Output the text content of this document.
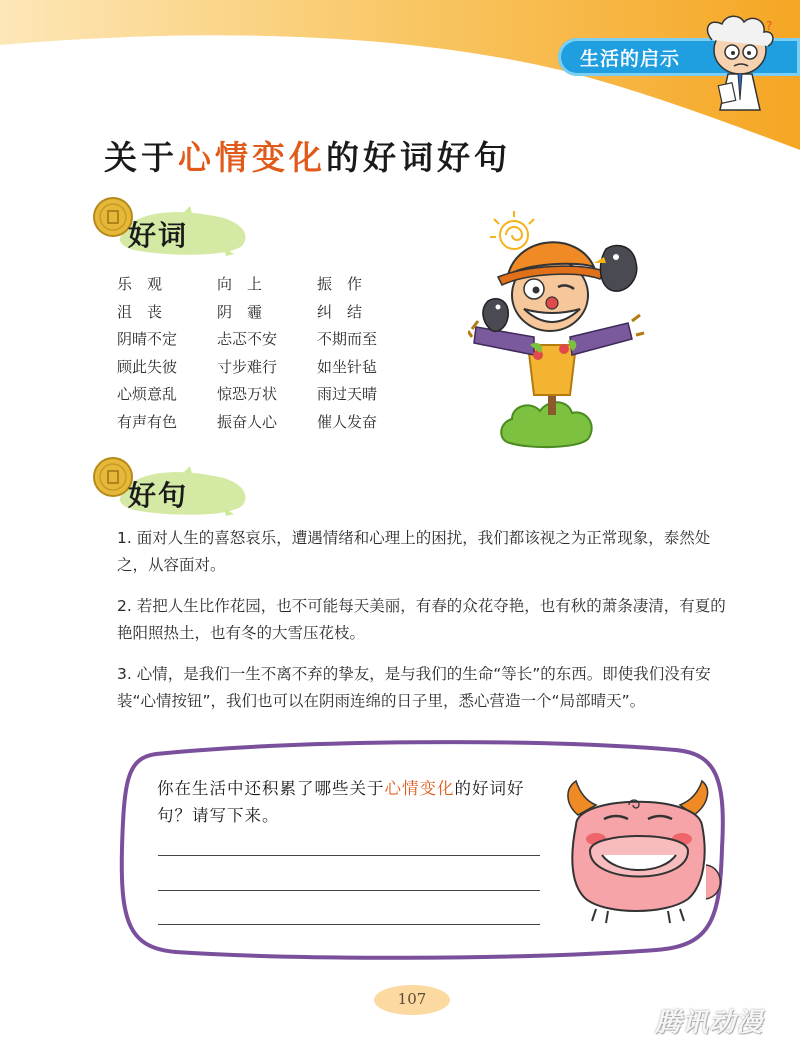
生活的启示
?
关于心情变化的好词好句
好词
乐　观	向　上	振　作
沮　丧	阴　霾	纠　结
阴晴不定	忐忑不安	不期而至
顾此失彼	寸步难行	如坐针毡
心烦意乱	惊恐万状	雨过天晴
有声有色	振奋人心	催人发奋
好句

1. 面对人生的喜怒哀乐，遭遇情绪和心理上的困扰，我们都该视之为正常现象，泰然处之，从容面对。

2. 若把人生比作花园，也不可能每天美丽，有春的众花夺艳，也有秋的萧条凄清，有夏的艳阳照热土，也有冬的大雪压花枝。

3. 心情，是我们一生不离不弃的挚友，是与我们的生命“等长”的东西。即使我们没有安装“心情按钮”，我们也可以在阴雨连绵的日子里，悉心营造一个“局部晴天”。

你在生活中还积累了哪些关于心情变化的好词好句？请写下来。
107
腾讯动漫
